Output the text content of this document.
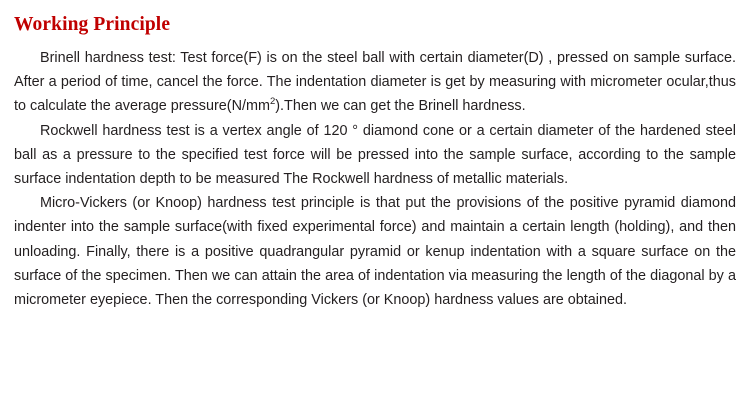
Working Principle

Brinell hardness test: Test force(F) is on the steel ball with certain diameter(D) , pressed on sample surface. After a period of time, cancel the force. The indentation diameter is get by measuring with micrometer ocular,thus to calculate the average $pressure(N/mm^2).Then$ we can get the Brinell hardness.

Rockwell hardness test is a vertex angle of 120 ° diamond cone or a certain diameter of the hardened steel ball as a pressure to the specified test force will be pressed into the sample surface, according to the sample surface indentation depth to be measured The Rockwell hardness of metallic materials.

Micro-Vickers (or Knoop) hardness test principle is that put the provisions of the positive pyramid diamond indenter into the sample surface(with fixed experimental force) and maintain a certain length (holding), and then unloading. Finally, there is a positive quadrangular pyramid or kenup indentation with a square surface on the surface of the specimen. Then we can attain the area of indentation via measuring the length of the diagonal by a micrometer eyepiece. Then the corresponding Vickers (or Knoop) hardness values are obtained.
